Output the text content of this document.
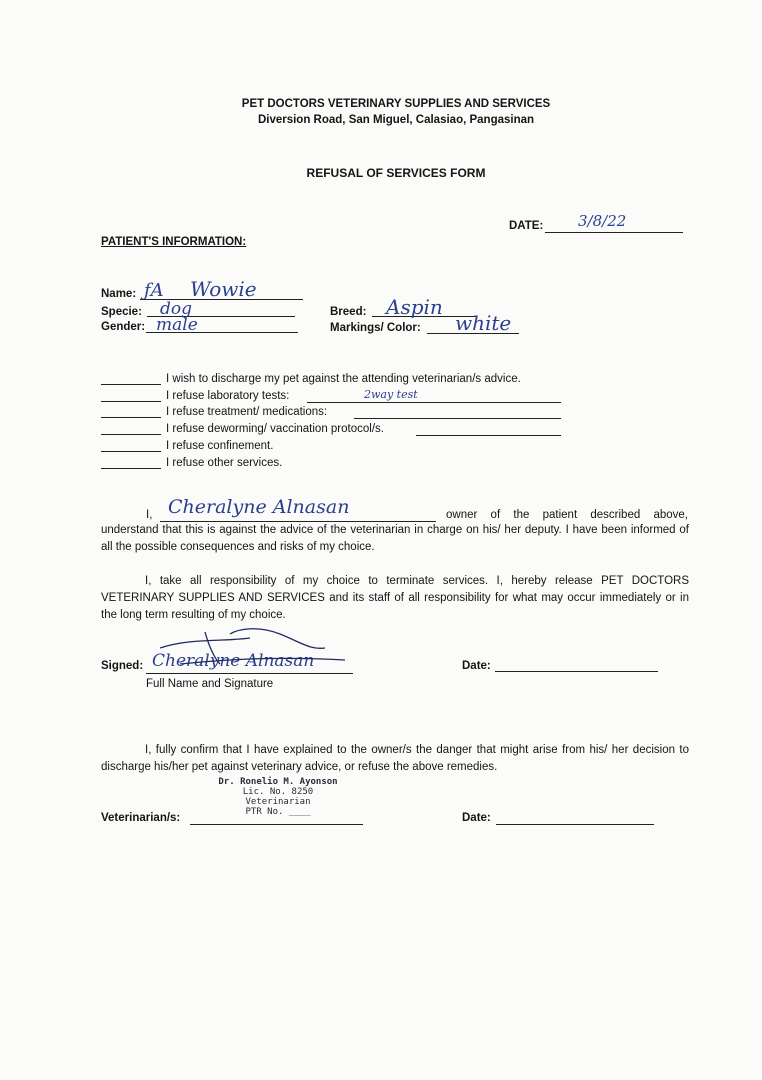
PET DOCTORS VETERINARY SUPPLIES AND SERVICES
Diversion Road, San Miguel, Calasiao, Pangasinan
REFUSAL OF SERVICES FORM
DATE: 3/8/22
PATIENT'S INFORMATION:
Name:	Wowie
ƒA
Specie: dog
Gender: male
Breed: Aspin
Markings/ Color: white
I wish to discharge my pet against the attending veterinarian/s advice.
I refuse laboratory tests:	2way test
I refuse treatment/ medications:
I refuse deworming/ vaccination protocol/s.
I refuse confinement.
I refuse other services.
I, Cheralyne Alnasan	owner of the patient described above,
understand that this is against the advice of the veterinarian in charge on his/ her deputy. I have been informed of all the possible consequences and risks of my choice.
I, take all responsibility of my choice to terminate services. I, hereby release PET DOCTORS VETERINARY SUPPLIES AND SERVICES and its staff of all responsibility for what may occur immediately or in the long term resulting of my choice.
Signed: Cheralyne Alnasan
Full Name and Signature
Date:
I, fully confirm that I have explained to the owner/s the danger that might arise from his/ her decision to discharge his/her pet against veterinary advice, or refuse the above remedies.
Dr. Ronelio M. Ayonson
Lic. No. 8250
Veterinarian
PTR No. ____
Veterinarian/s:	Date:
